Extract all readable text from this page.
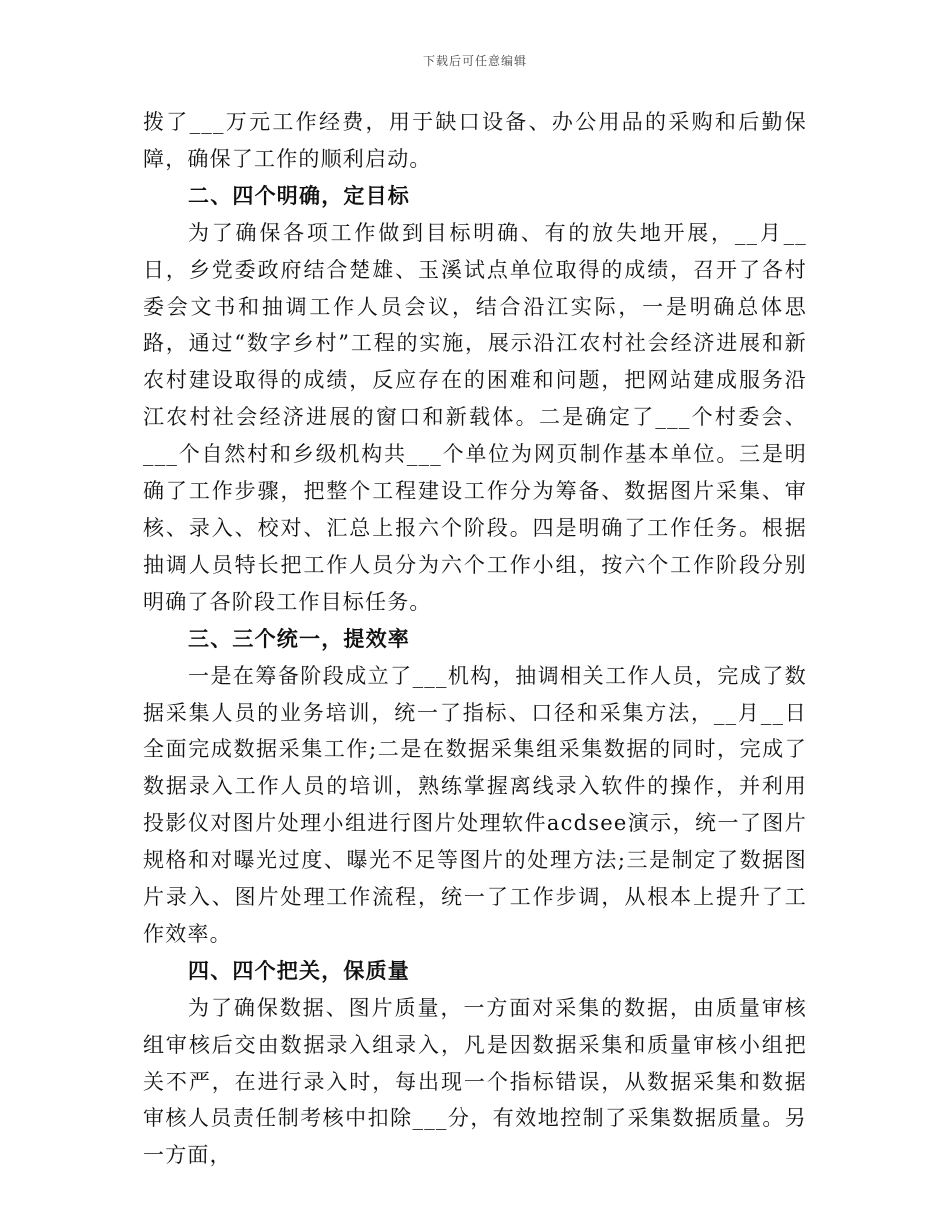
下载后可任意编辑

拨了___万元工作经费，用于缺口设备、办公用品的采购和后勤保障，确保了工作的顺利启动。

二、四个明确，定目标

为了确保各项工作做到目标明确、有的放失地开展，__月__日，乡党委政府结合楚雄、玉溪试点单位取得的成绩，召开了各村委会文书和抽调工作人员会议，结合沿江实际，一是明确总体思路，通过“数字乡村”工程的实施，展示沿江农村社会经济进展和新农村建设取得的成绩，反应存在的困难和问题，把网站建成服务沿江农村社会经济进展的窗口和新载体。二是确定了___个村委会、___个自然村和乡级机构共___个单位为网页制作基本单位。三是明确了工作步骤，把整个工程建设工作分为筹备、数据图片采集、审核、录入、校对、汇总上报六个阶段。四是明确了工作任务。根据抽调人员特长把工作人员分为六个工作小组，按六个工作阶段分别明确了各阶段工作目标任务。

三、三个统一，提效率

一是在筹备阶段成立了___机构，抽调相关工作人员，完成了数据采集人员的业务培训，统一了指标、口径和采集方法，__月__日全面完成数据采集工作;二是在数据采集组采集数据的同时，完成了数据录入工作人员的培训，熟练掌握离线录入软件的操作，并利用投影仪对图片处理小组进行图片处理软件acdsee演示，统一了图片规格和对曝光过度、曝光不足等图片的处理方法;三是制定了数据图片录入、图片处理工作流程，统一了工作步调，从根本上提升了工作效率。

四、四个把关，保质量

为了确保数据、图片质量，一方面对采集的数据，由质量审核组审核后交由数据录入组录入，凡是因数据采集和质量审核小组把关不严，在进行录入时，每出现一个指标错误，从数据采集和数据审核人员责任制考核中扣除___分，有效地控制了采集数据质量。另一方面，
